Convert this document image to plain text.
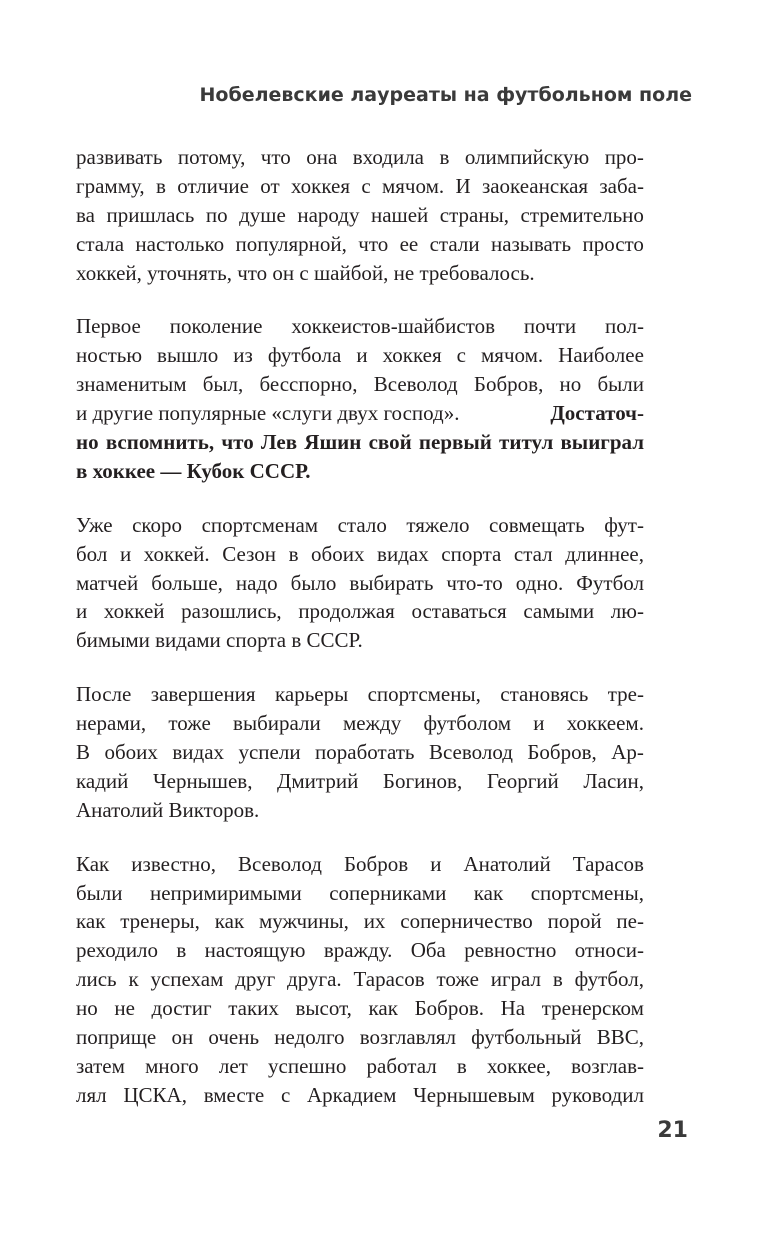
Нобелевские лауреаты на футбольном поле
развивать потому, что она входила в олимпийскую про-
грамму, в отличие от хоккея с мячом. И заокеанская заба-
ва пришлась по душе народу нашей страны, стремительно
стала настолько популярной, что ее стали называть просто
хоккей, уточнять, что он с шайбой, не требовалось.
Первое поколение хоккеистов-шайбистов почти пол-
ностью вышло из футбола и хоккея с мячом. Наиболее
знаменитым был, бесспорно, Всеволод Бобров, но были
и другие популярные «слуги двух господ».	Достаточ-
но вспомнить, что Лев Яшин свой первый титул выиграл
в хоккее — Кубок СССР.
Уже скоро спортсменам стало тяжело совмещать фут-
бол и хоккей. Сезон в обоих видах спорта стал длиннее,
матчей больше, надо было выбирать что-то одно. Футбол
и хоккей разошлись, продолжая оставаться самыми лю-
бимыми видами спорта в СССР.
После завершения карьеры спортсмены, становясь тре-
нерами, тоже выбирали между футболом и хоккеем.
В обоих видах успели поработать Всеволод Бобров, Ар-
кадий Чернышев, Дмитрий Богинов, Георгий Ласин,
Анатолий Викторов.
Как известно, Всеволод Бобров и Анатолий Тарасов
были непримиримыми соперниками как спортсмены,
как тренеры, как мужчины, их соперничество порой пе-
реходило в настоящую вражду. Оба ревностно относи-
лись к успехам друг друга. Тарасов тоже играл в футбол,
но не достиг таких высот, как Бобров. На тренерском
поприще он очень недолго возглавлял футбольный ВВС,
затем много лет успешно работал в хоккее, возглав-
лял ЦСКА, вместе с Аркадием Чернышевым руководил
21
